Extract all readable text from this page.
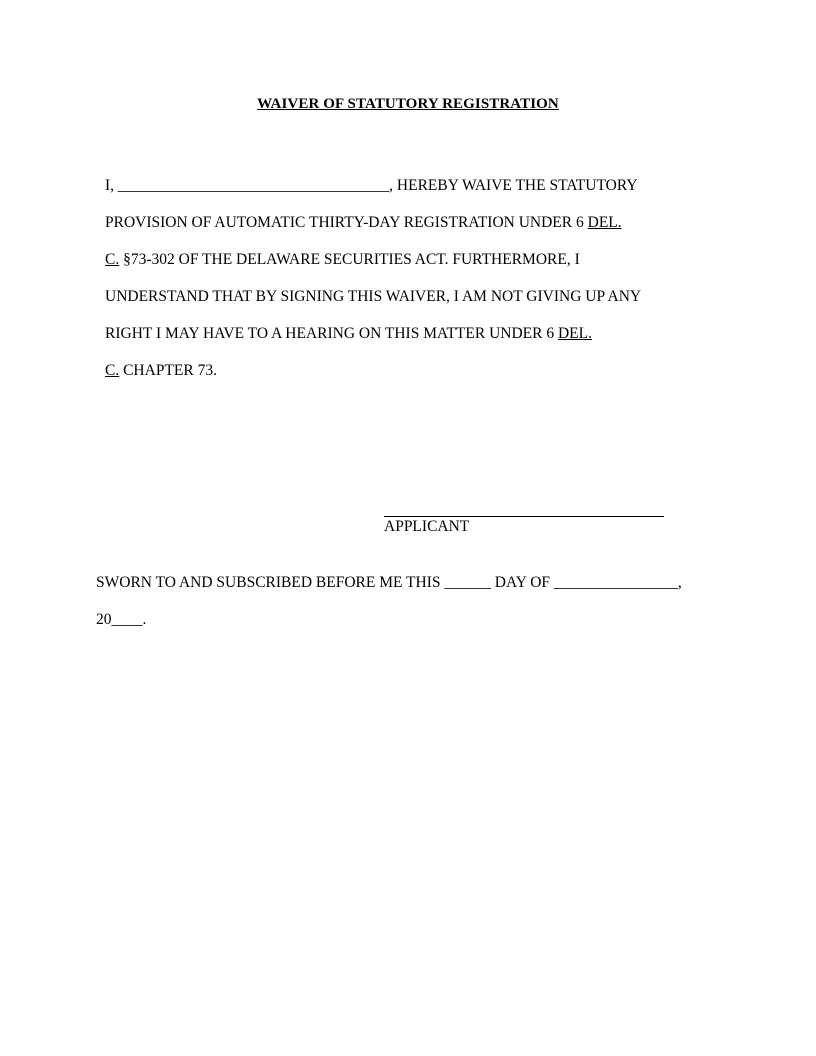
WAIVER OF STATUTORY REGISTRATION
I, ___________________________________, HEREBY WAIVE THE STATUTORY
PROVISION OF AUTOMATIC THIRTY-DAY REGISTRATION UNDER 6 DEL.
C. §73-302 OF THE DELAWARE SECURITIES ACT. FURTHERMORE, I
UNDERSTAND THAT BY SIGNING THIS WAIVER, I AM NOT GIVING UP ANY
RIGHT I MAY HAVE TO A HEARING ON THIS MATTER UNDER 6 DEL.
C. CHAPTER 73.
APPLICANT
SWORN TO AND SUBSCRIBED BEFORE ME THIS ______ DAY OF ________________,
20____.
